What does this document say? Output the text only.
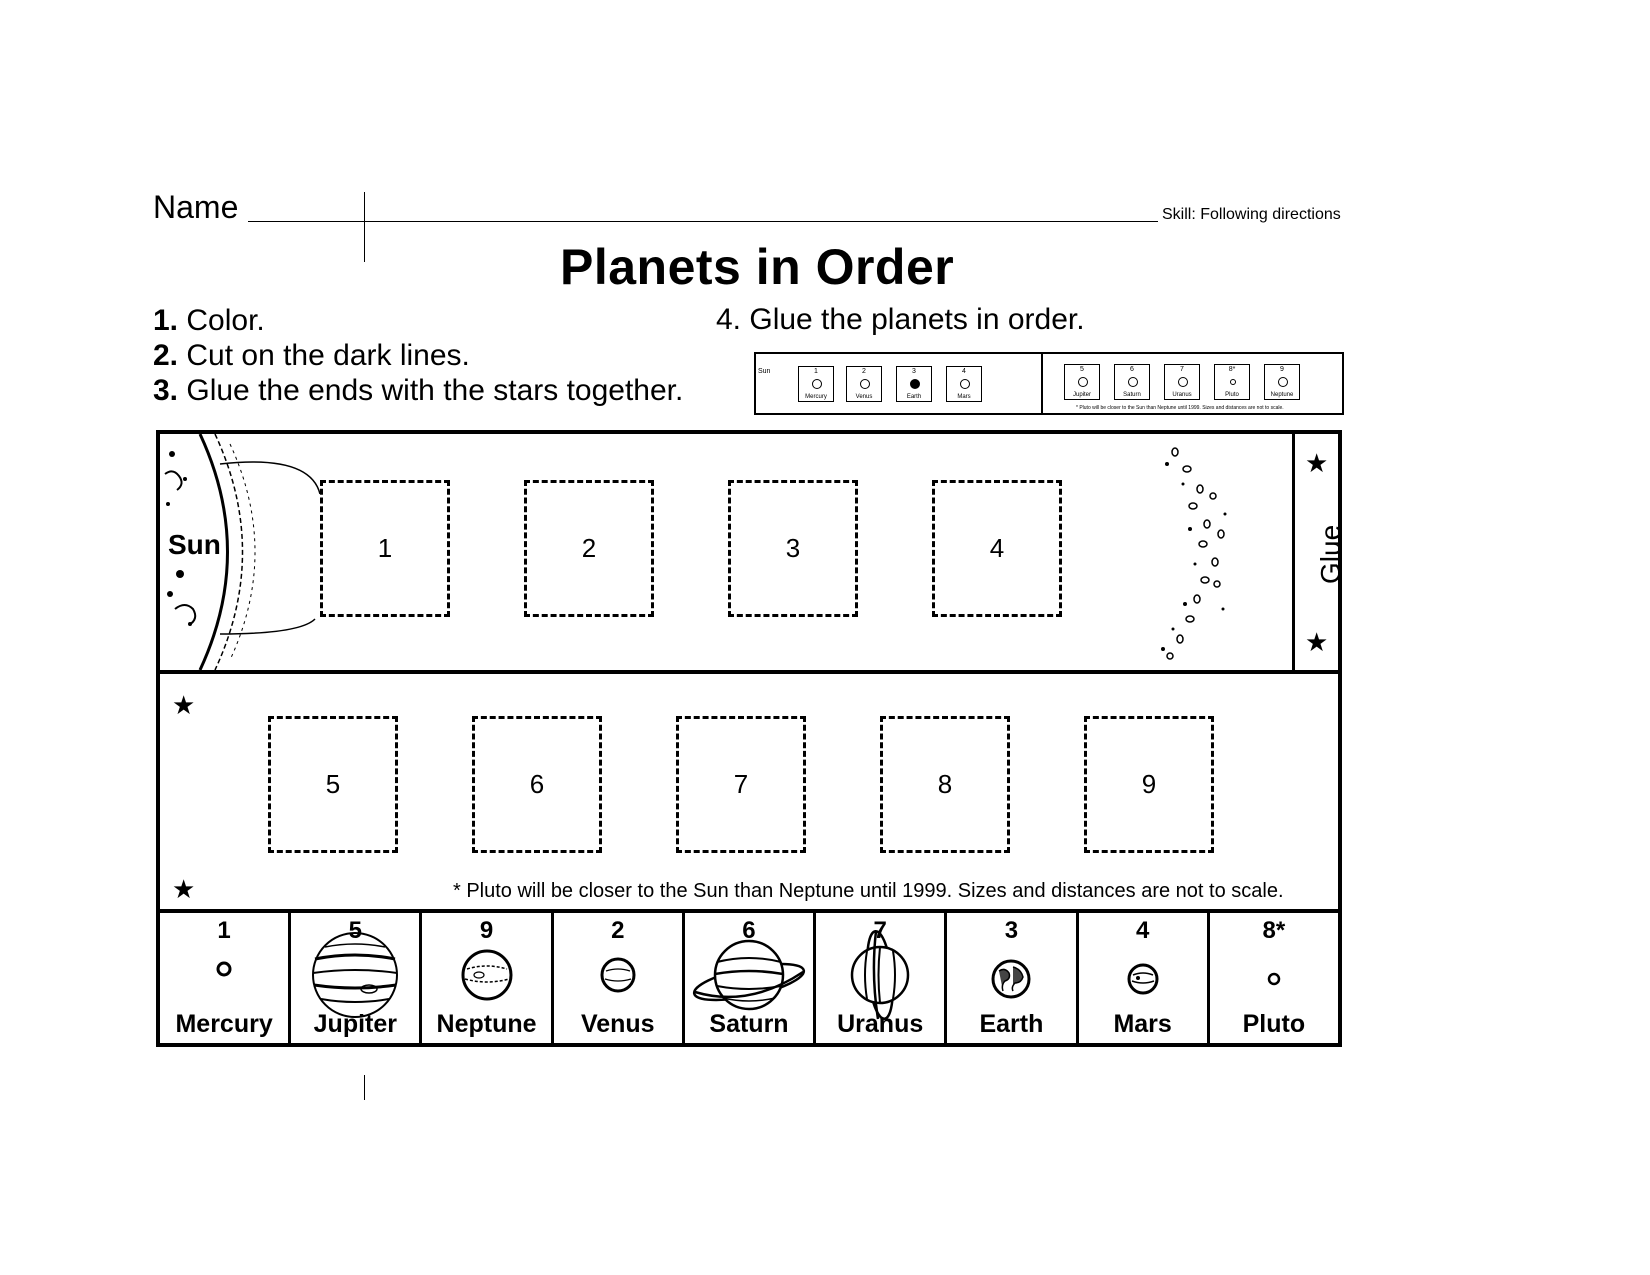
Name	Skill: Following directions
Planets in Order
1. Color.
2. Cut on the dark lines.
3. Glue the ends with the stars together.
4. Glue the planets in order.
Sun	1
Mercury
2
Venus
3
Earth
4
Mars
5
Jupiter
6
Saturn
7
Uranus
8*
Pluto
9
Neptune
* Pluto will be closer to the Sun than Neptune until 1999. Sizes and distances are not to scale.
Sun	1	2	3	4
★
★
Glue
★
★
5	6	7	8	9
* Pluto will be closer to the Sun than Neptune until 1999. Sizes and distances are not to scale.
1
Mercury
5
Jupiter
9
Neptune
2
Venus
6
Saturn
7
Uranus
3
Earth
4
Mars
8*
Pluto
